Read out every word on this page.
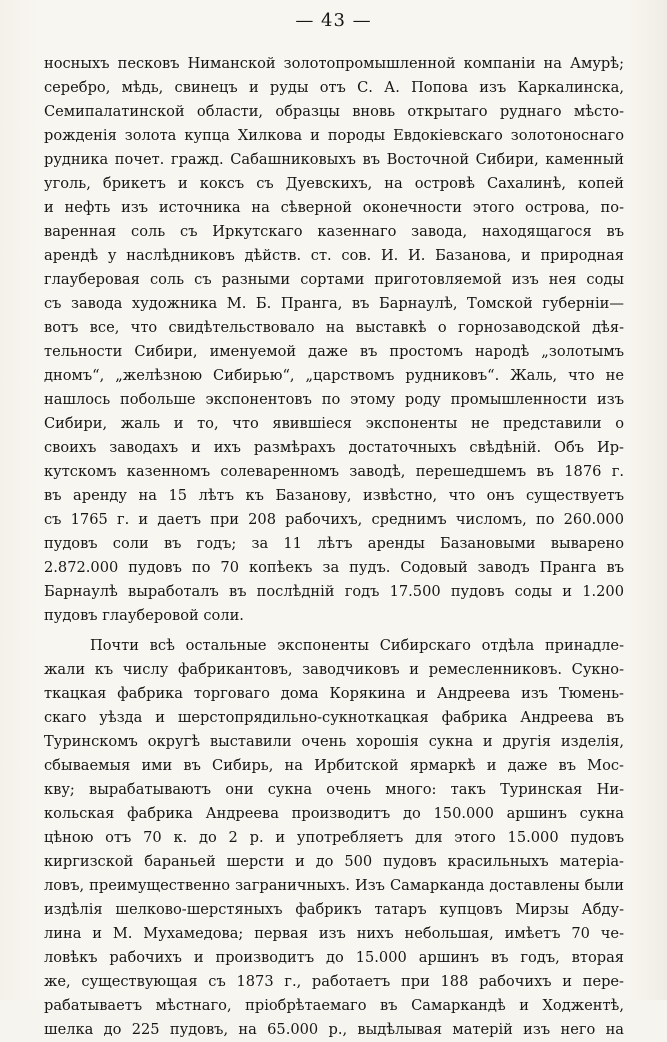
— 43 —
носныхъ песковъ Ниманской золотопромышленной компаніи на Амурѣ;
серебро, мѣдь, свинецъ и руды отъ С. А. Попова изъ Каркалинска,
Семипалатинской области, образцы вновь открытаго руднаго мѣсто-
рожденія золота купца Хилкова и породы Евдокіевскаго золотоноснаго
рудника почет. гражд. Сабашниковыхъ въ Восточной Сибири, каменный
уголь, брикетъ и коксъ съ Дуевскихъ, на островѣ Сахалинѣ, копей
и нефть изъ источника на сѣверной оконечности этого острова, по-
варенная соль съ Иркутскаго казеннаго завода, находящагося въ
арендѣ у наслѣдниковъ дѣйств. ст. сов. И. И. Базанова, и природная
глауберовая соль съ разными сортами приготовляемой изъ нея соды
съ завода художника М. Б. Пранга, въ Барнаулѣ, Томской губерніи—
вотъ все, что свидѣтельствовало на выставкѣ о горнозаводской дѣя-
тельности Сибири, именуемой даже въ простомъ народѣ „золотымъ
дномъ“, „желѣзною Сибирью“, „царствомъ рудниковъ“. Жаль, что не
нашлось побольше экспонентовъ по этому роду промышленности изъ
Сибири, жаль и то, что явившіеся экспоненты не представили о
своихъ заводахъ и ихъ размѣрахъ достаточныхъ свѣдѣній. Объ Ир-
кутскомъ казенномъ солеваренномъ заводѣ, перешедшемъ въ 1876 г.
въ аренду на 15 лѣтъ къ Базанову, извѣстно, что онъ существуетъ
съ 1765 г. и даетъ при 208 рабочихъ, среднимъ числомъ, по 260.000
пудовъ соли въ годъ; за 11 лѣтъ аренды Базановыми выварено
2.872.000 пудовъ по 70 копѣекъ за пудъ. Содовый заводъ Пранга въ
Барнаулѣ выработалъ въ послѣдній годъ 17.500 пудовъ соды и 1.200
пудовъ глауберовой соли.
Почти всѣ остальные экспоненты Сибирскаго отдѣла принадле-
жали къ числу фабрикантовъ, заводчиковъ и ремесленниковъ. Сукно-
ткацкая фабрика торговаго дома Корякина и Андреева изъ Тюмень-
скаго уѣзда и шерстопрядильно-сукноткацкая фабрика Андреева въ
Туринскомъ округѣ выставили очень хорошія сукна и другія изделія,
сбываемыя ими въ Сибирь, на Ирбитской ярмаркѣ и даже въ Мос-
кву; вырабатываютъ они сукна очень много: такъ Туринская Ни-
кольская фабрика Андреева производитъ до 150.000 аршинъ сукна
цѣною отъ 70 к. до 2 р. и употребляетъ для этого 15.000 пудовъ
киргизской бараньей шерсти и до 500 пудовъ красильныхъ матеріа-
ловъ, преимущественно заграничныхъ. Изъ Самарканда доставлены были
издѣлія шелково-шерстяныхъ фабрикъ татаръ купцовъ Мирзы Абду-
лина и М. Мухамедова; первая изъ нихъ небольшая, имѣетъ 70 че-
ловѣкъ рабочихъ и производитъ до 15.000 аршинъ въ годъ, вторая
же, существующая съ 1873 г., работаетъ при 188 рабочихъ и пере-
рабатываетъ мѣстнаго, пріобрѣтаемаго въ Самаркандѣ и Ходжентѣ,
шелка до 225 пудовъ, на 65.000 р., выдѣлывая матерій изъ него на
